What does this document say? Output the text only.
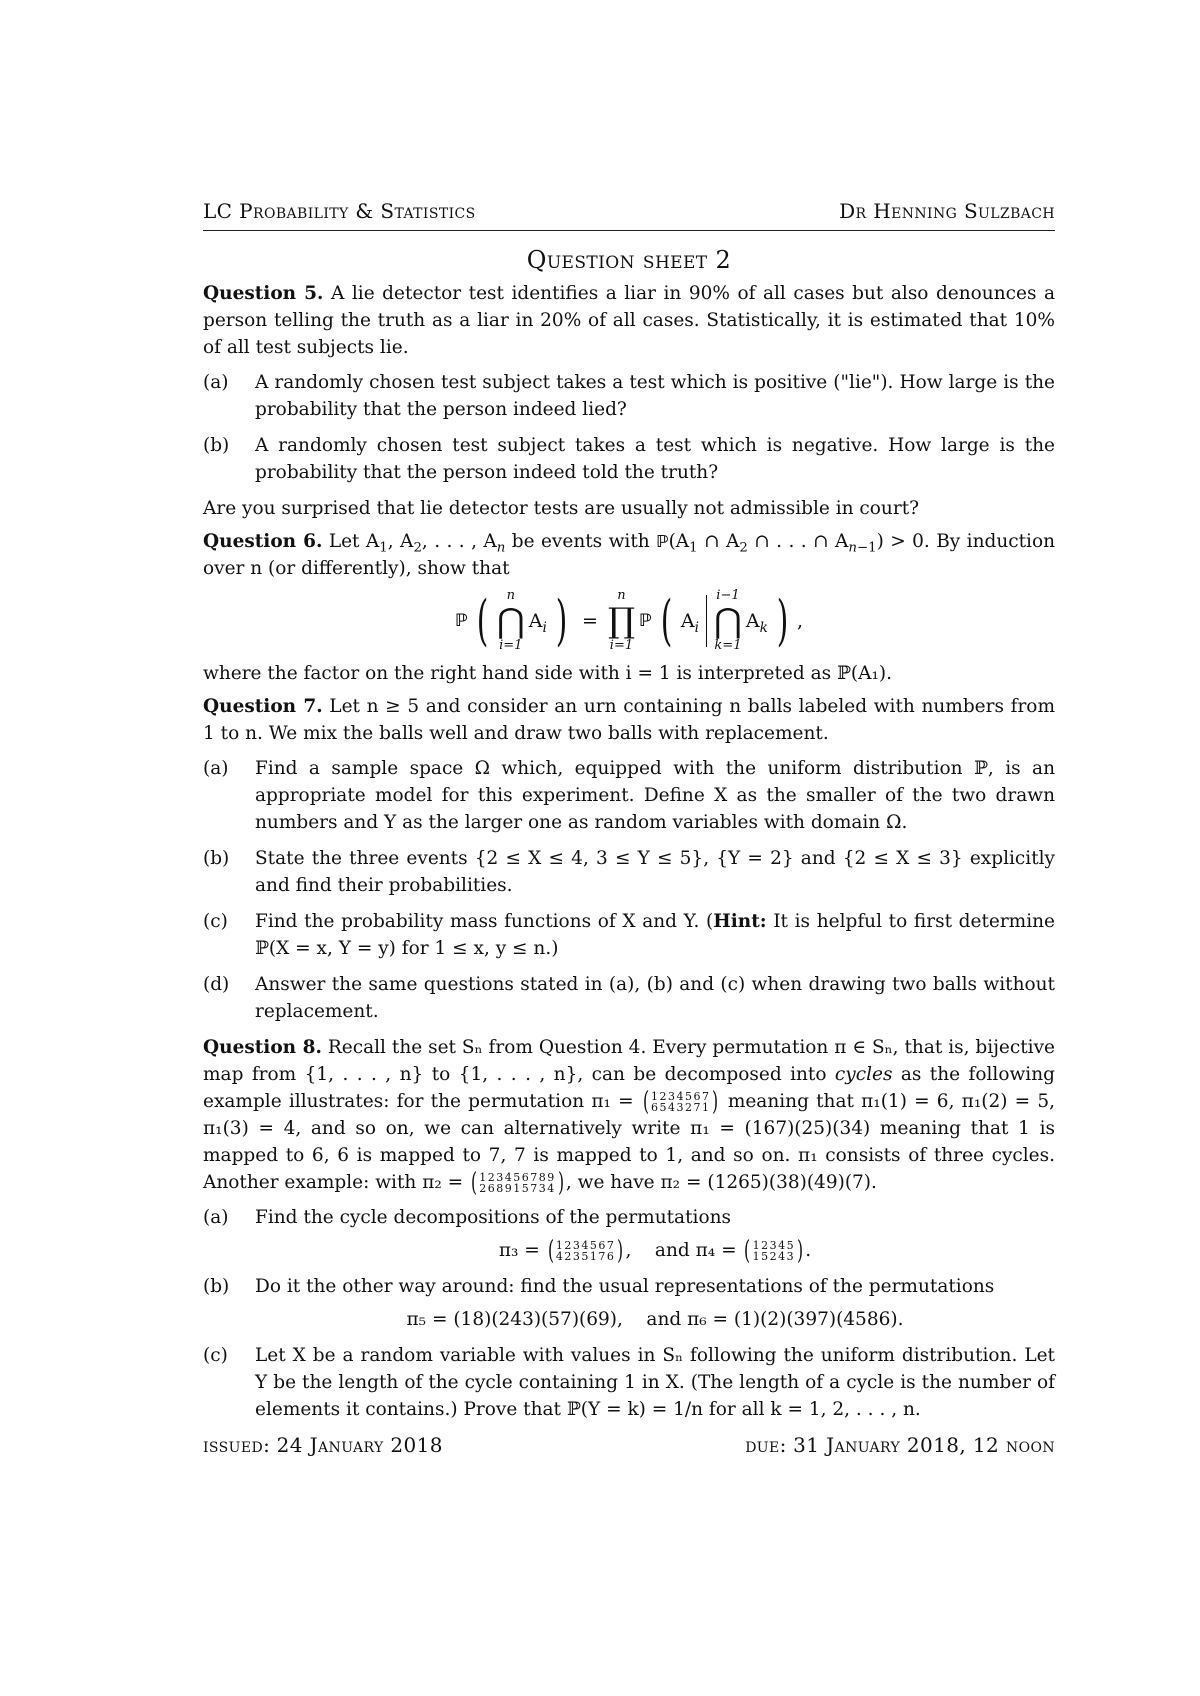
LC Probability & Statistics	Dr Henning Sulzbach
Question sheet 2

Question 5. A lie detector test identifies a liar in 90% of all cases but also denounces a person telling the truth as a liar in 20% of all cases. Statistically, it is estimated that 10% of all test subjects lie.

(a)	A randomly chosen test subject takes a test which is positive ("lie"). How large is the probability that the person indeed lied?
(b)	A randomly chosen test subject takes a test which is negative. How large is the probability that the person indeed told the truth?

Are you surprised that lie detector tests are usually not admissible in court?

Question 6. Let $A_1$, $A_2$, . . . , $A_n$ be events with $ℙ(A_1$ ∩ $A_2$ ∩ . . . ∩ $A_{n-1}) > 0$. By induction over n (or differently), show that

ℙ ( n
⋂
i=1
$A_i$ ) =
n
∏
i=1
ℙ ( $A_i$
i−1
⋂
k=1
$A_k$ ) ,

where the factor on the right hand side with i = 1 is interpreted as ℙ(A₁).

Question 7. Let n ≥ 5 and consider an urn containing n balls labeled with numbers from 1 to n. We mix the balls well and draw two balls with replacement.

(a)	Find a sample space Ω which, equipped with the uniform distribution ℙ, is an appropriate model for this experiment. Define X as the smaller of the two drawn numbers and Y as the larger one as random variables with domain Ω.
(b)	State the three events {2 ≤ X ≤ 4, 3 ≤ Y ≤ 5}, {Y = 2} and {2 ≤ X ≤ 3} explicitly and find their probabilities.
(c)	Find the probability mass functions of X and Y. (Hint: It is helpful to first determine ℙ(X = x, Y = y) for 1 ≤ x, y ≤ n.)
(d)	Answer the same questions stated in (a), (b) and (c) when drawing two balls without replacement.

Question 8. Recall the set Sₙ from Question 4. Every permutation π ∈ Sₙ, that is, bijective map from {1, . . . , n} to {1, . . . , n}, can be decomposed into cycles as the following example illustrates: for the permutation π₁ = ( 1234567
6543271 ) meaning that π₁(1) = 6, π₁(2) = 5, π₁(3) = 4, and so on, we can alternatively write π₁ = (167)(25)(34) meaning that 1 is mapped to 6, 6 is mapped to 7, 7 is mapped to 1, and so on. π₁ consists of three cycles. Another example: with π₂ = ( 123456789
268915734 ) , we have π₂ = (1265)(38)(49)(7).

(a)	Find the cycle decompositions of the permutations
π₃ = ( 1234567
4235176 ) , and π₄ = ( 12345
15243 ) .
(b)	Do it the other way around: find the usual representations of the permutations
π₅ = (18)(243)(57)(69),    and π₆ = (1)(2)(397)(4586).
(c)	Let X be a random variable with values in Sₙ following the uniform distribution. Let Y be the length of the cycle containing 1 in X. (The length of a cycle is the number of elements it contains.) Prove that ℙ(Y = k) = 1/n for all k = 1, 2, . . . , n.
issued: 24 January 2018	due: 31 January 2018, 12 noon
